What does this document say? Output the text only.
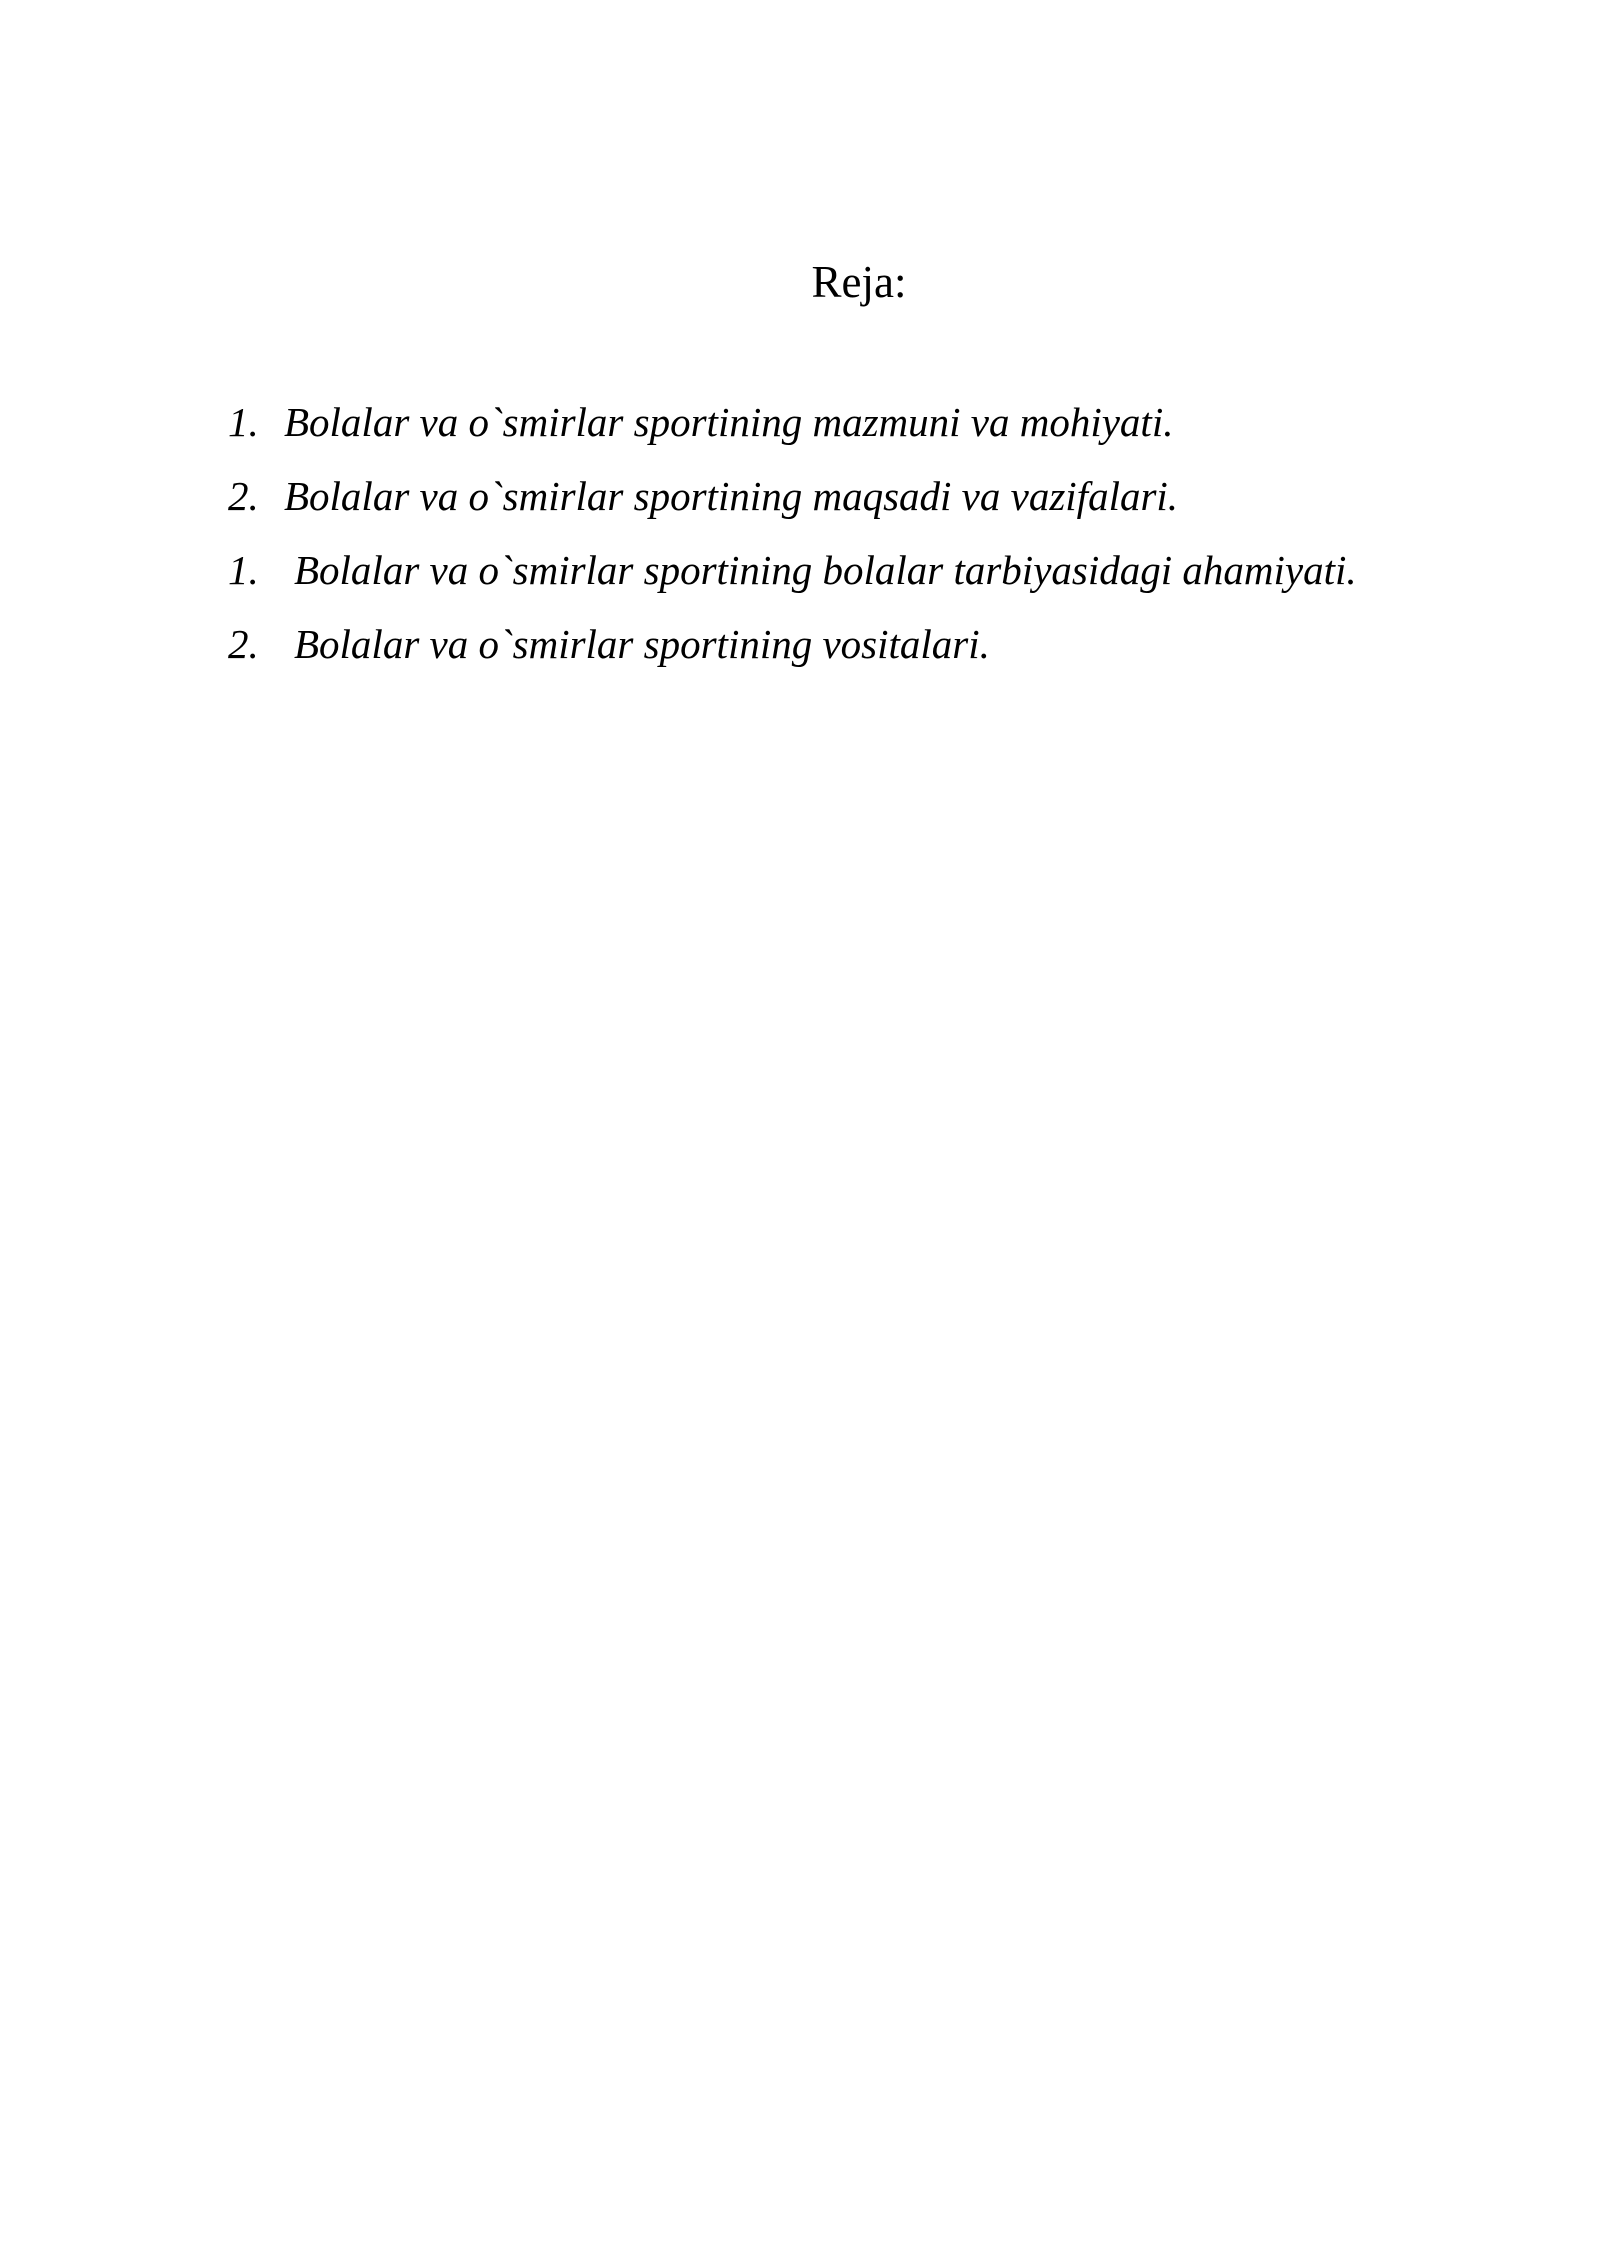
Reja:
1. Bolalar va o`smirlar sportining mazmuni va mohiyati.
2. Bolalar va o`smirlar sportining maqsadi va vazifalari.
1. Bolalar va o`smirlar sportining bolalar tarbiyasidagi ahamiyati.
2. Bolalar va o`smirlar sportining vositalari.
